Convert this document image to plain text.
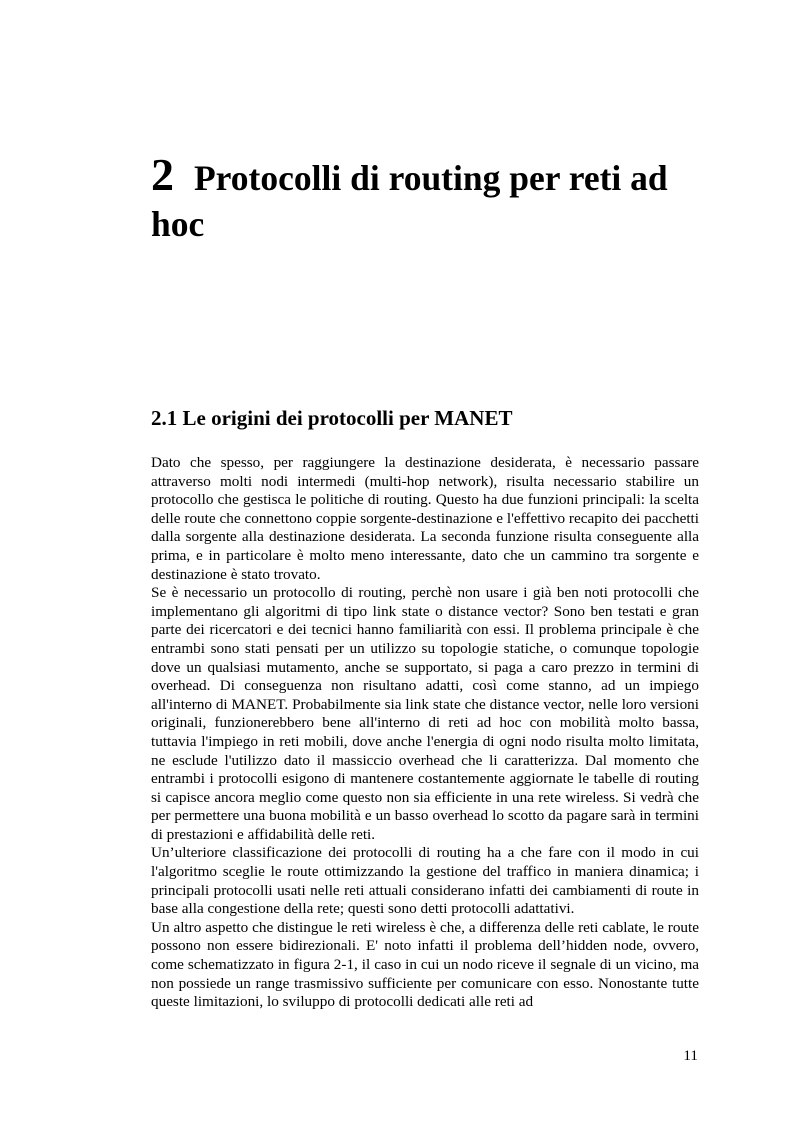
2 Protocolli di routing per reti ad hoc
2.1 Le origini dei protocolli per MANET

Dato che spesso, per raggiungere la destinazione desiderata, è necessario passare attraverso molti nodi intermedi (multi-hop network), risulta necessario stabilire un protocollo che gestisca le politiche di routing. Questo ha due funzioni principali: la scelta delle route che connettono coppie sorgente-destinazione e l'effettivo recapito dei pacchetti dalla sorgente alla destinazione desiderata. La seconda funzione risulta conseguente alla prima, e in particolare è molto meno interessante, dato che un cammino tra sorgente e destinazione è stato trovato.

Se è necessario un protocollo di routing, perchè non usare i già ben noti protocolli che implementano gli algoritmi di tipo link state o distance vector? Sono ben testati e gran parte dei ricercatori e dei tecnici hanno familiarità con essi. Il problema principale è che entrambi sono stati pensati per un utilizzo su topologie statiche, o comunque topologie dove un qualsiasi mutamento, anche se supportato, si paga a caro prezzo in termini di overhead. Di conseguenza non risultano adatti, così come stanno, ad un impiego all'interno di MANET. Probabilmente sia link state che distance vector, nelle loro versioni originali, funzionerebbero bene all'interno di reti ad hoc con mobilità molto bassa, tuttavia l'impiego in reti mobili, dove anche l'energia di ogni nodo risulta molto limitata, ne esclude l'utilizzo dato il massiccio overhead che li caratterizza. Dal momento che entrambi i protocolli esigono di mantenere costantemente aggiornate le tabelle di routing si capisce ancora meglio come questo non sia efficiente in una rete wireless. Si vedrà che per permettere una buona mobilità e un basso overhead lo scotto da pagare sarà in termini di prestazioni e affidabilità delle reti.

Un’ulteriore classificazione dei protocolli di routing ha a che fare con il modo in cui l'algoritmo sceglie le route ottimizzando la gestione del traffico in maniera dinamica; i principali protocolli usati nelle reti attuali considerano infatti dei cambiamenti di route in base alla congestione della rete; questi sono detti protocolli adattativi.

Un altro aspetto che distingue le reti wireless è che, a differenza delle reti cablate, le route possono non essere bidirezionali. E' noto infatti il problema dell’hidden node, ovvero, come schematizzato in figura 2-1, il caso in cui un nodo riceve il segnale di un vicino, ma non possiede un range trasmissivo sufficiente per comunicare con esso. Nonostante tutte queste limitazioni, lo sviluppo di protocolli dedicati alle reti ad

11
